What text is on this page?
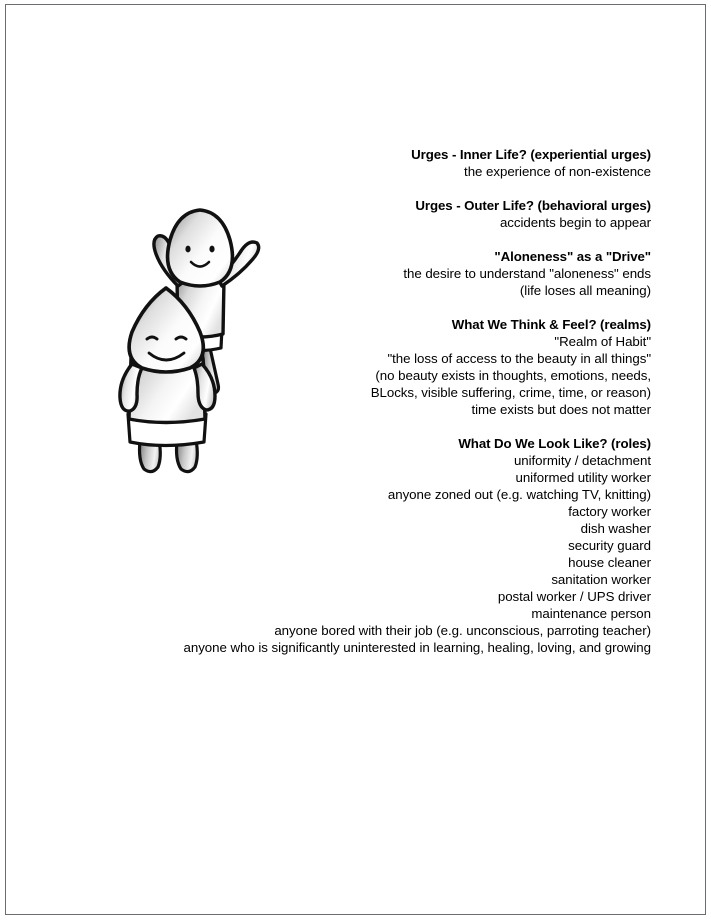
Urges - Inner Life? (experiential urges)
the experience of non-existence
Urges - Outer Life? (behavioral urges)
accidents begin to appear
"Aloneness" as a "Drive"
the desire to understand "aloneness" ends
(life loses all meaning)
What We Think & Feel? (realms)
"Realm of Habit"
"the loss of access to the beauty in all things"
(no beauty exists in thoughts, emotions, needs,
BLocks, visible suffering, crime, time, or reason)
time exists but does not matter
What Do We Look Like? (roles)
uniformity / detachment
uniformed utility worker
anyone zoned out (e.g. watching TV, knitting)
factory worker
dish washer
security guard
house cleaner
sanitation worker
postal worker / UPS driver
maintenance person
anyone bored with their job (e.g. unconscious, parroting teacher)
anyone who is significantly uninterested in learning, healing, loving, and growing
